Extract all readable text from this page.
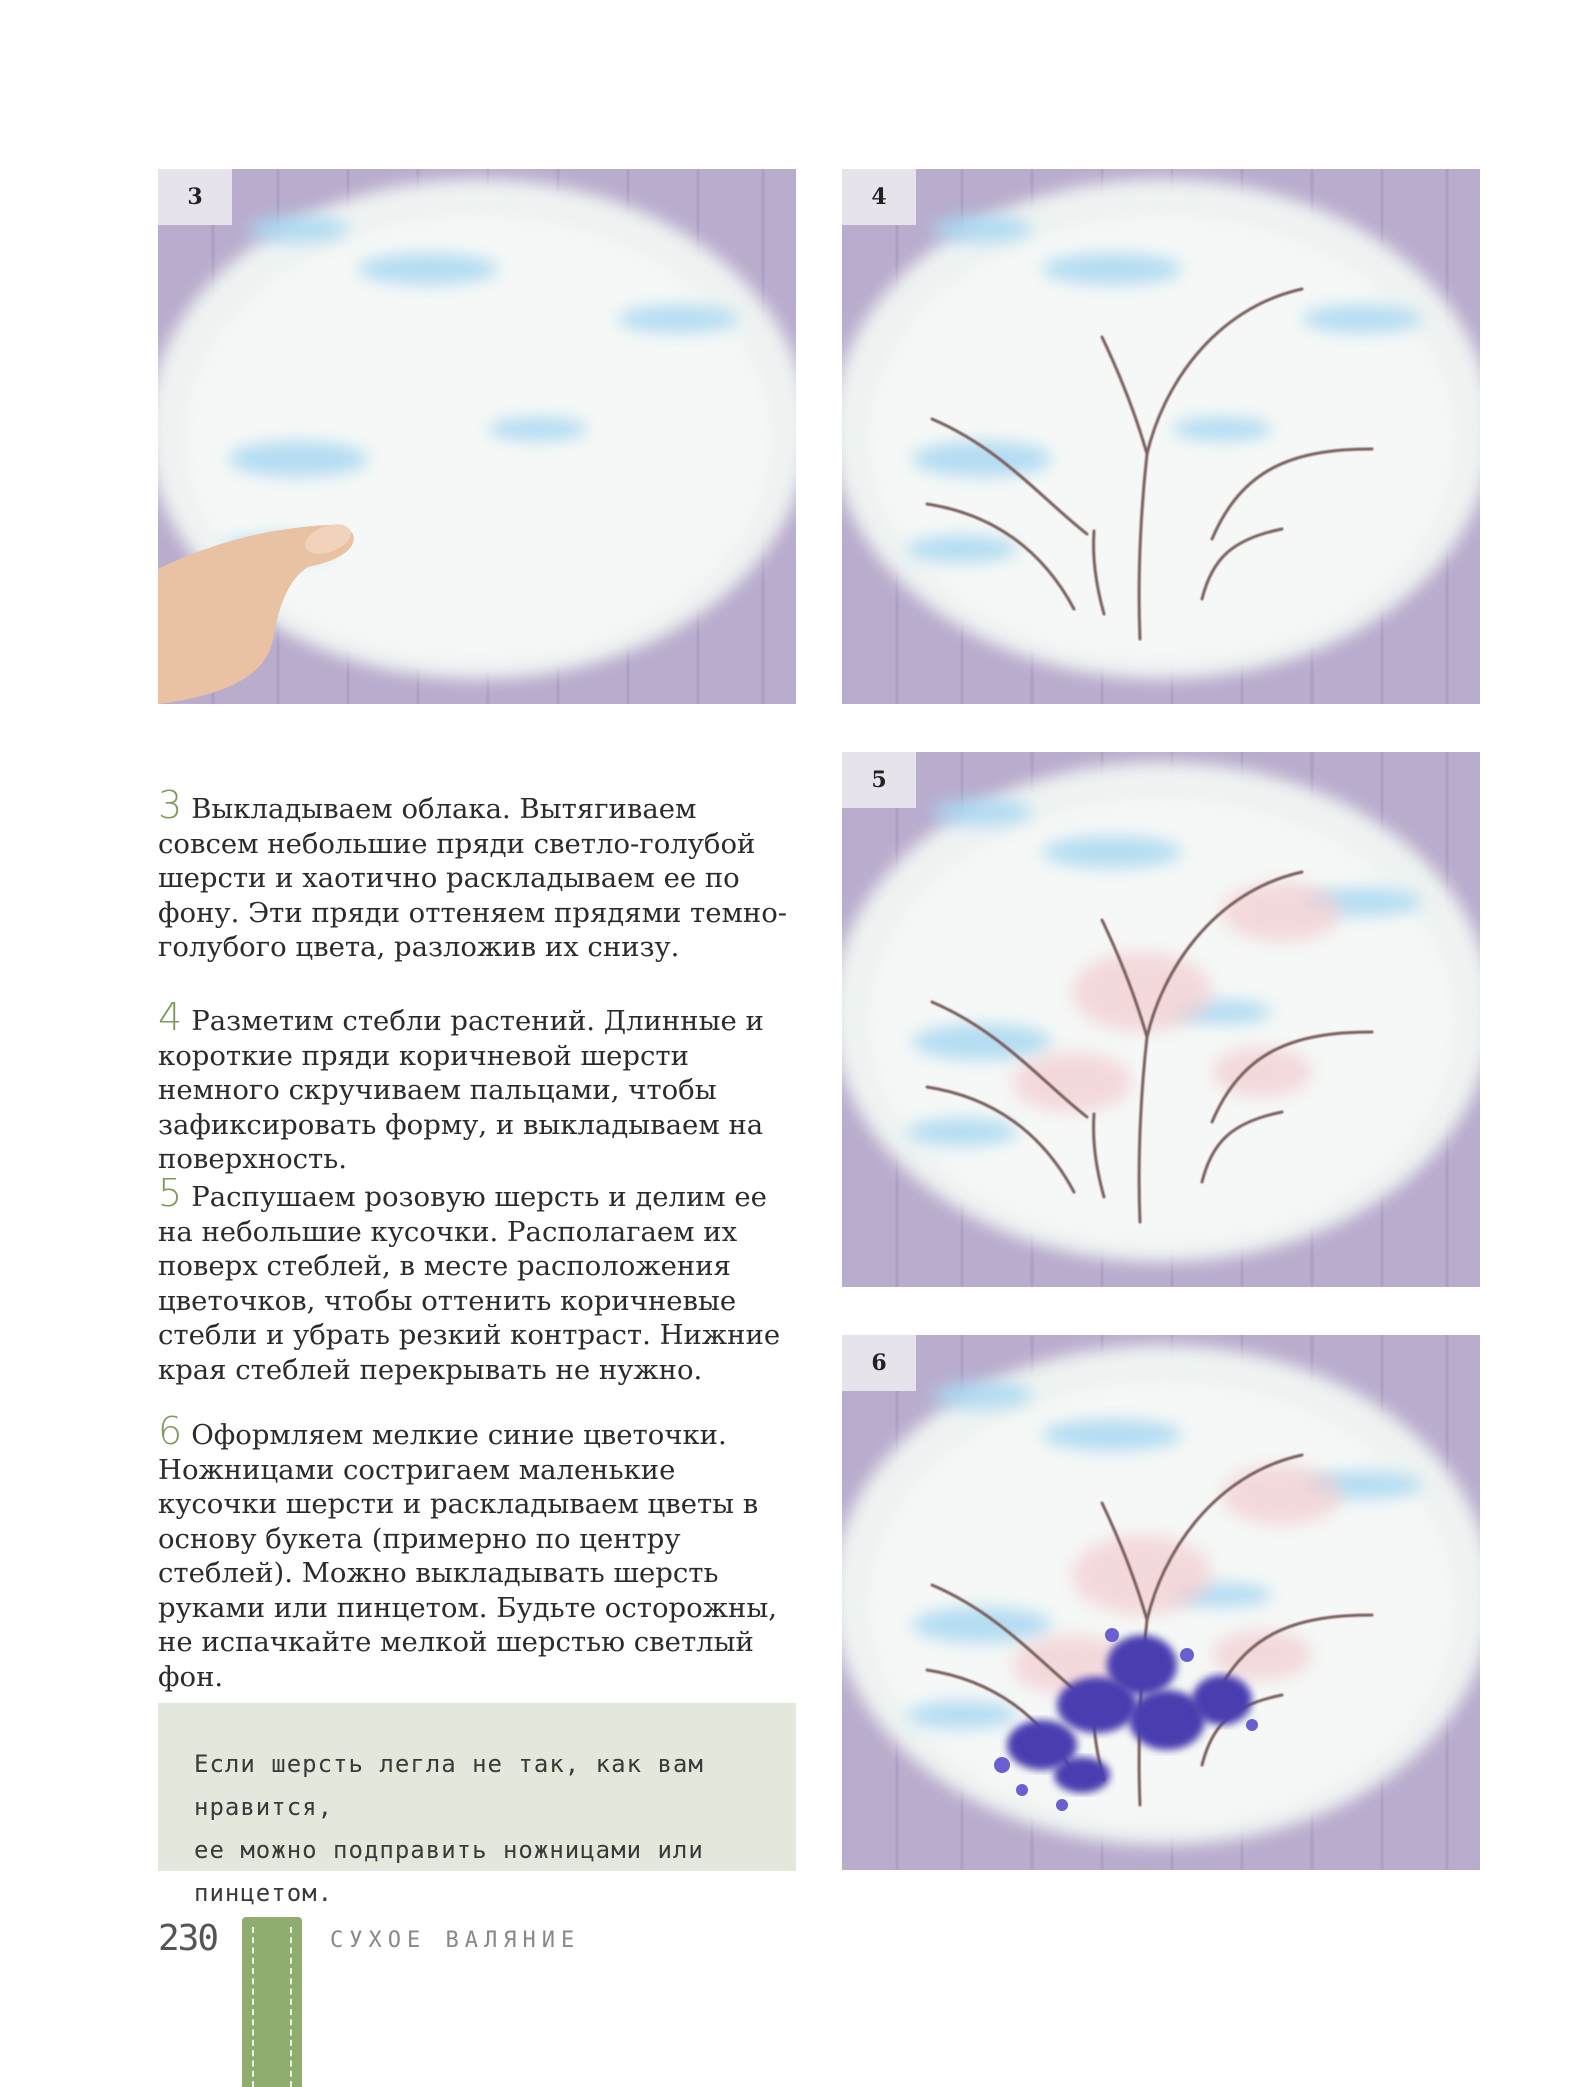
3	4
5
6
3 Выкладываем облака. Вытягиваем совсем небольшие пряди светло-голубой шерсти и хаотично раскладываем ее по фону. Эти пряди оттеняем прядями темно-голубого цвета, разложив их снизу.
4 Разметим стебли растений. Длинные и короткие пряди коричневой шерсти немного скручиваем пальцами, чтобы зафиксировать форму, и выкладываем на поверхность.
5 Распушаем розовую шерсть и делим ее на небольшие кусочки. Располагаем их поверх стеблей, в месте расположения цветочков, чтобы оттенить коричневые стебли и убрать резкий контраст. Нижние края стеблей перекрывать не нужно.
6 Оформляем мелкие синие цветочки. Ножницами состригаем маленькие кусочки шерсти и раскладываем цветы в основу букета (примерно по центру стеблей). Можно выкладывать шерсть руками или пинцетом. Будьте осторожны, не испачкайте мелкой шерстью светлый фон.

Если шерсть легла не так, как вам нравится,
ее можно подправить ножницами или пинцетом.

230	СУХОЕ ВАЛЯНИЕ
